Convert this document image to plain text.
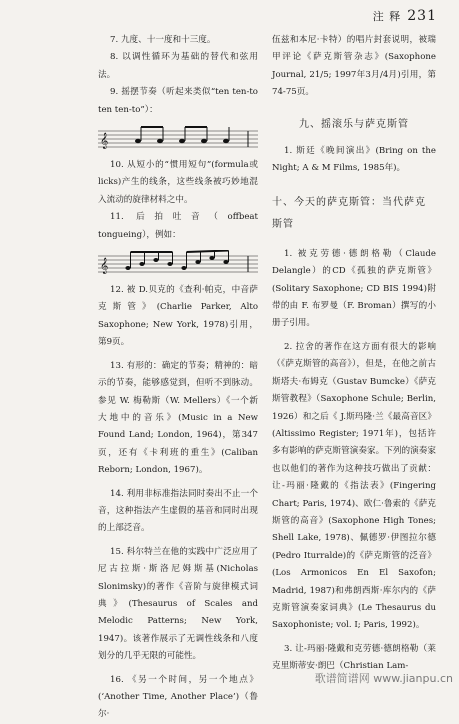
注 释 231

7. 九度、十一度和十三度。

8. 以调性循环为基础的替代和弦用法。

9. 摇摆节奏（听起来类似“ten ten-to ten ten-to”）：

𝄞

10. 从短小的“惯用短句”(formula或licks)产生的线条，这些线条被巧妙地混入流动的旋律材料之中。

11. 后拍吐音（offbeat tongueing），例如：

𝄞

12. 被 D.贝克的《查利·帕克，中音萨克斯管》(Charlie Parker, Alto Saxophone; New York, 1978)引用，第9页。

13. 有形的：确定的节奏；精神的：暗示的节奏，能够感觉到，但听不到脉动。参见 W. 梅勒斯（W. Mellers）《一个新大地中的音乐》(Music in a New Found Land; London, 1964)，第347页，还有《卡利班的重生》(Caliban Reborn; London, 1967)。

14. 利用非标准指法同时奏出不止一个音，这种指法产生虚假的基音和同时出现的上部泛音。

15. 科尔特兰在他的实践中广泛应用了尼古拉斯·斯洛尼姆斯基(Nicholas Slonimsky)的著作《音阶与旋律模式词典》(Thesaurus of Scales and Melodic Patterns; New York, 1947)。该著作展示了无调性线条和八度划分的几乎无限的可能性。

16. 《另一个时间，另一个地点》(‘Another Time, Another Place’)（鲁尔·

伍兹和本尼·卡特）的唱片封套说明，被瑞甲评论《萨克斯管杂志》(Saxophone Journal, 21/5; 1997年3月/4月)引用，第74-75页。

九、摇滚乐与萨克斯管

1. 斯廷《晚间演出》(Bring on the Night; A & M Films, 1985年)。

十、今天的萨克斯管：当代萨克斯管

1. 被克劳德·德朗格勒（Claude Delangle）的CD《孤独的萨克斯管》(Solitary Saxophone; CD BIS 1994)附带的由 F. 布罗曼（F. Broman）撰写的小册子引用。

2. 拉舍的著作在这方面有很大的影响（《萨克斯管的高音》），但是，在他之前古斯塔夫·布姆克（Gustav Bumcke）《萨克斯管教程》（Saxophone Schule; Berlin, 1926）和之后《 J.斯玛隆·兰《最高音区》(Altissimo Register; 1971年)，包括许多有影响的萨克斯管演奏家。下列的演奏家也以他们的著作为这种技巧做出了贡献：让-玛丽·隆戴的《指法表》(Fingering Chart; Paris, 1974)、欧仁·鲁索的《萨克斯管的高音》(Saxophone High Tones; Shell Lake, 1978)、佩德罗·伊图拉尔德(Pedro Iturralde)的《萨克斯管的泛音》(Los Armonicos En El Saxofon; Madrid, 1987)和弗朗西斯·库尔内的《萨克斯管演奏家词典》(Le Thesaurus du Saxophoniste; vol. Ⅰ; Paris, 1992)。

3. 让-玛丽·隆戴和克劳德·德朗格勒（莱克里斯蒂安·朗巴（Christian Lam-

歌谱简谱网 www.jianpu.cn
